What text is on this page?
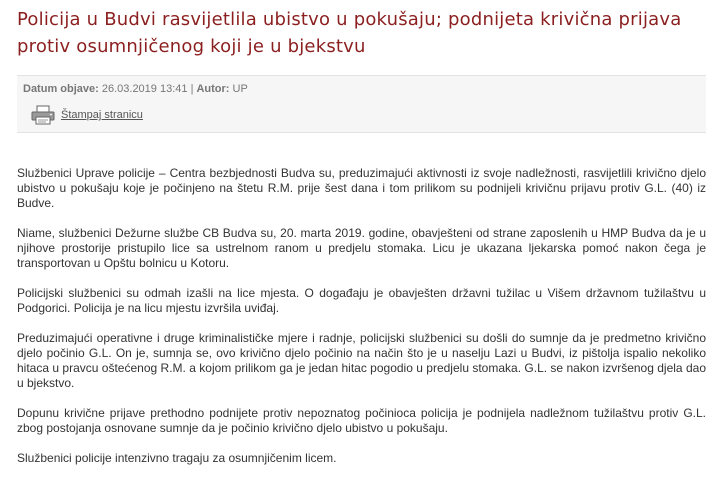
Policija u Budvi rasvijetlila ubistvo u pokušaju; podnijeta krivična prijava protiv osumnjičenog koji je u bjekstvu
Datum objave: 26.03.2019 13:41 | Autor: UP
Štampaj stranicu

Službenici Uprave policije – Centra bezbjednosti Budva su, preduzimajući aktivnosti iz svoje nadležnosti, rasvijetlili krivično djelo ubistvo u pokušaju koje je počinjeno na štetu R.M. prije šest dana i tom prilikom su podnijeli krivičnu prijavu protiv G.L. (40) iz Budve.

Niame, službenici Dežurne službe CB Budva su, 20. marta 2019. godine, obavješteni od strane zaposlenih u HMP Budva da je u njihove prostorije pristupilo lice sa ustrelnom ranom u predjelu stomaka. Licu je ukazana ljekarska pomoć nakon čega je transportovan u Opštu bolnicu u Kotoru.

Policijski službenici su odmah izašli na lice mjesta. O događaju je obavješten državni tužilac u Višem državnom tužilaštvu u Podgorici. Policija je na licu mjestu izvršila uviđaj.

Preduzimajući operativne i druge kriminalističke mjere i radnje, policijski službenici su došli do sumnje da je predmetno krivično djelo počinio G.L. On je, sumnja se, ovo krivično djelo počinio na način što je u naselju Lazi u Budvi, iz pištolja ispalio nekoliko hitaca u pravcu oštećenog R.M. a kojom prilikom ga je jedan hitac pogodio u predjelu stomaka. G.L. se nakon izvršenog djela dao u bjekstvo.

Dopunu krivične prijave prethodno podnijete protiv nepoznatog počinioca policija je podnijela nadležnom tužilaštvu protiv G.L. zbog postojanja osnovane sumnje da je počinio krivično djelo ubistvo u pokušaju.

Službenici policije intenzivno tragaju za osumnjičenim licem.
